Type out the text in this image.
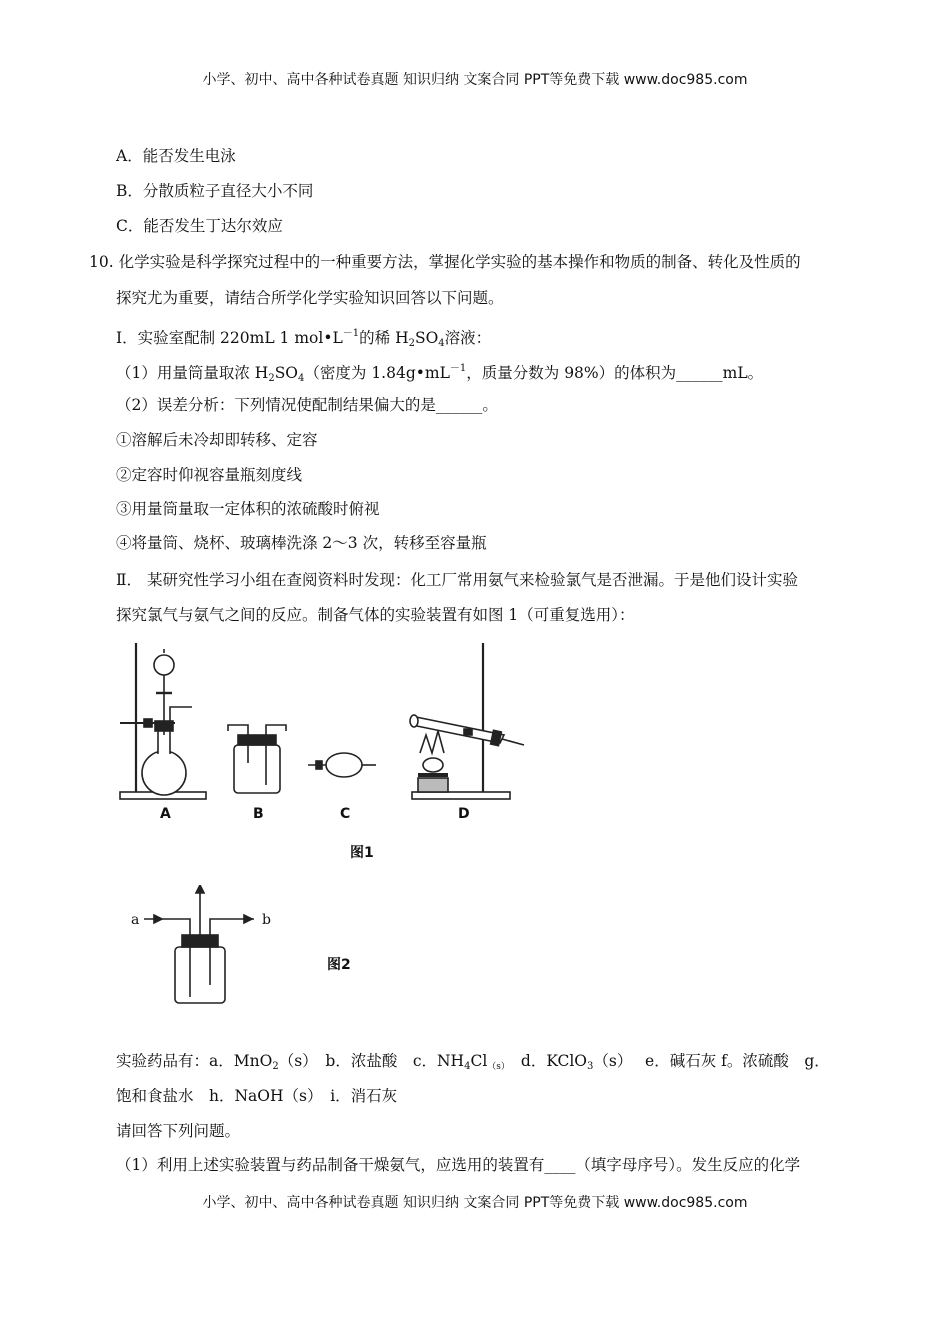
小学、初中、高中各种试卷真题 知识归纳 文案合同 PPT等免费下载 www.doc985.com
A．能否发生电泳
B．分散质粒子直径大小不同
C．能否发生丁达尔效应
10. 化学实验是科学探究过程中的一种重要方法，掌握化学实验的基本操作和物质的制备、转化及性质的
探究尤为重要，请结合所学化学实验知识回答以下问题。
Ⅰ．实验室配制 220mL 1 $mol•L^{-1}$的稀 $H_2SO_4$溶液：
（1）用量筒量取浓 $H_2SO_4$（密度为 $1.84g•mL^{-1}$，质量分数为 98%）的体积为______mL。
（2）误差分析：下列情况使配制结果偏大的是______。
①溶解后未冷却即转移、定容
②定容时仰视容量瓶刻度线
③用量筒量取一定体积的浓硫酸时俯视
④将量筒、烧杯、玻璃棒洗涤 2～3 次，转移至容量瓶
Ⅱ． 某研究性学习小组在查阅资料时发现：化工厂常用氨气来检验氯气是否泄漏。于是他们设计实验
探究氯气与氨气之间的反应。制备气体的实验装置有如图 1（可重复选用）：
A	B	C	D
图1
a	b
图2
实验药品有：a．MnO$_2$（s）　b．浓盐酸　c．$NH_4Cl_{(s)}$　d．KClO$_3$（s）　 e．碱石灰 f。浓硫酸　g．
饱和食盐水　h．NaOH（s）　i．消石灰
请回答下列问题。
（1）利用上述实验装置与药品制备干燥氨气，应选用的装置有____（填字母序号）。发生反应的化学
小学、初中、高中各种试卷真题 知识归纳 文案合同 PPT等免费下载 www.doc985.com
